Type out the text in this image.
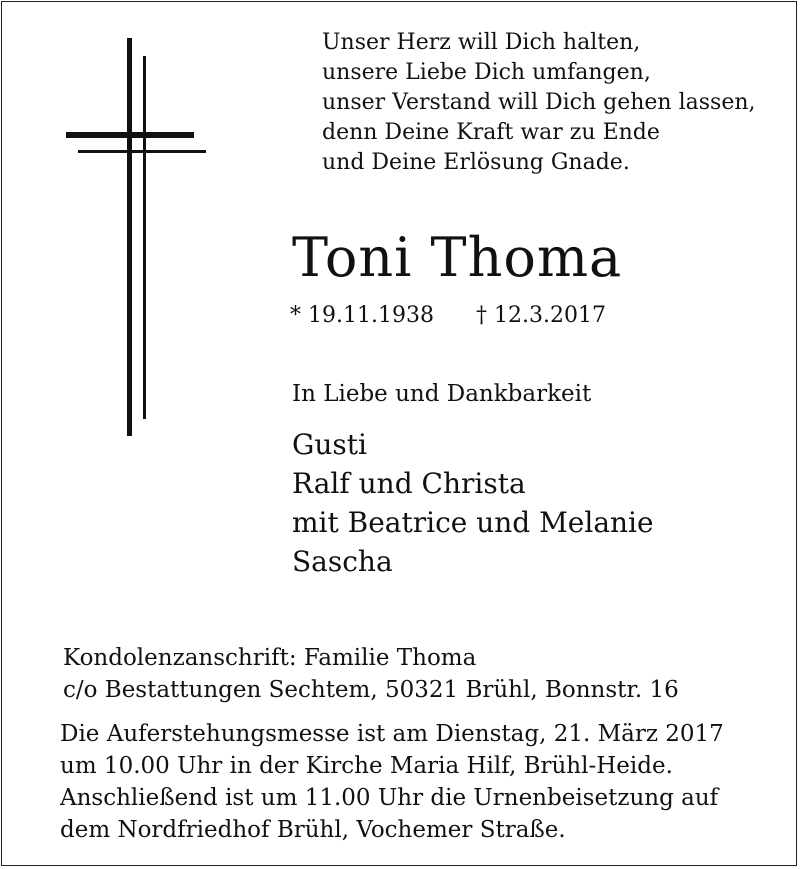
Unser Herz will Dich halten,
unsere Liebe Dich umfangen,
unser Verstand will Dich gehen lassen,
denn Deine Kraft war zu Ende
und Deine Erlösung Gnade.
Toni Thoma
* 19.11.1938 † 12.3.2017
In Liebe und Dankbarkeit
Gusti
Ralf und Christa
mit Beatrice und Melanie
Sascha
Kondolenzanschrift: Familie Thoma
c/o Bestattungen Sechtem, 50321 Brühl, Bonnstr. 16
Die Auferstehungsmesse ist am Dienstag, 21. März 2017
um 10.00 Uhr in der Kirche Maria Hilf, Brühl-Heide.
Anschließend ist um 11.00 Uhr die Urnenbeisetzung auf
dem Nordfriedhof Brühl, Vochemer Straße.
